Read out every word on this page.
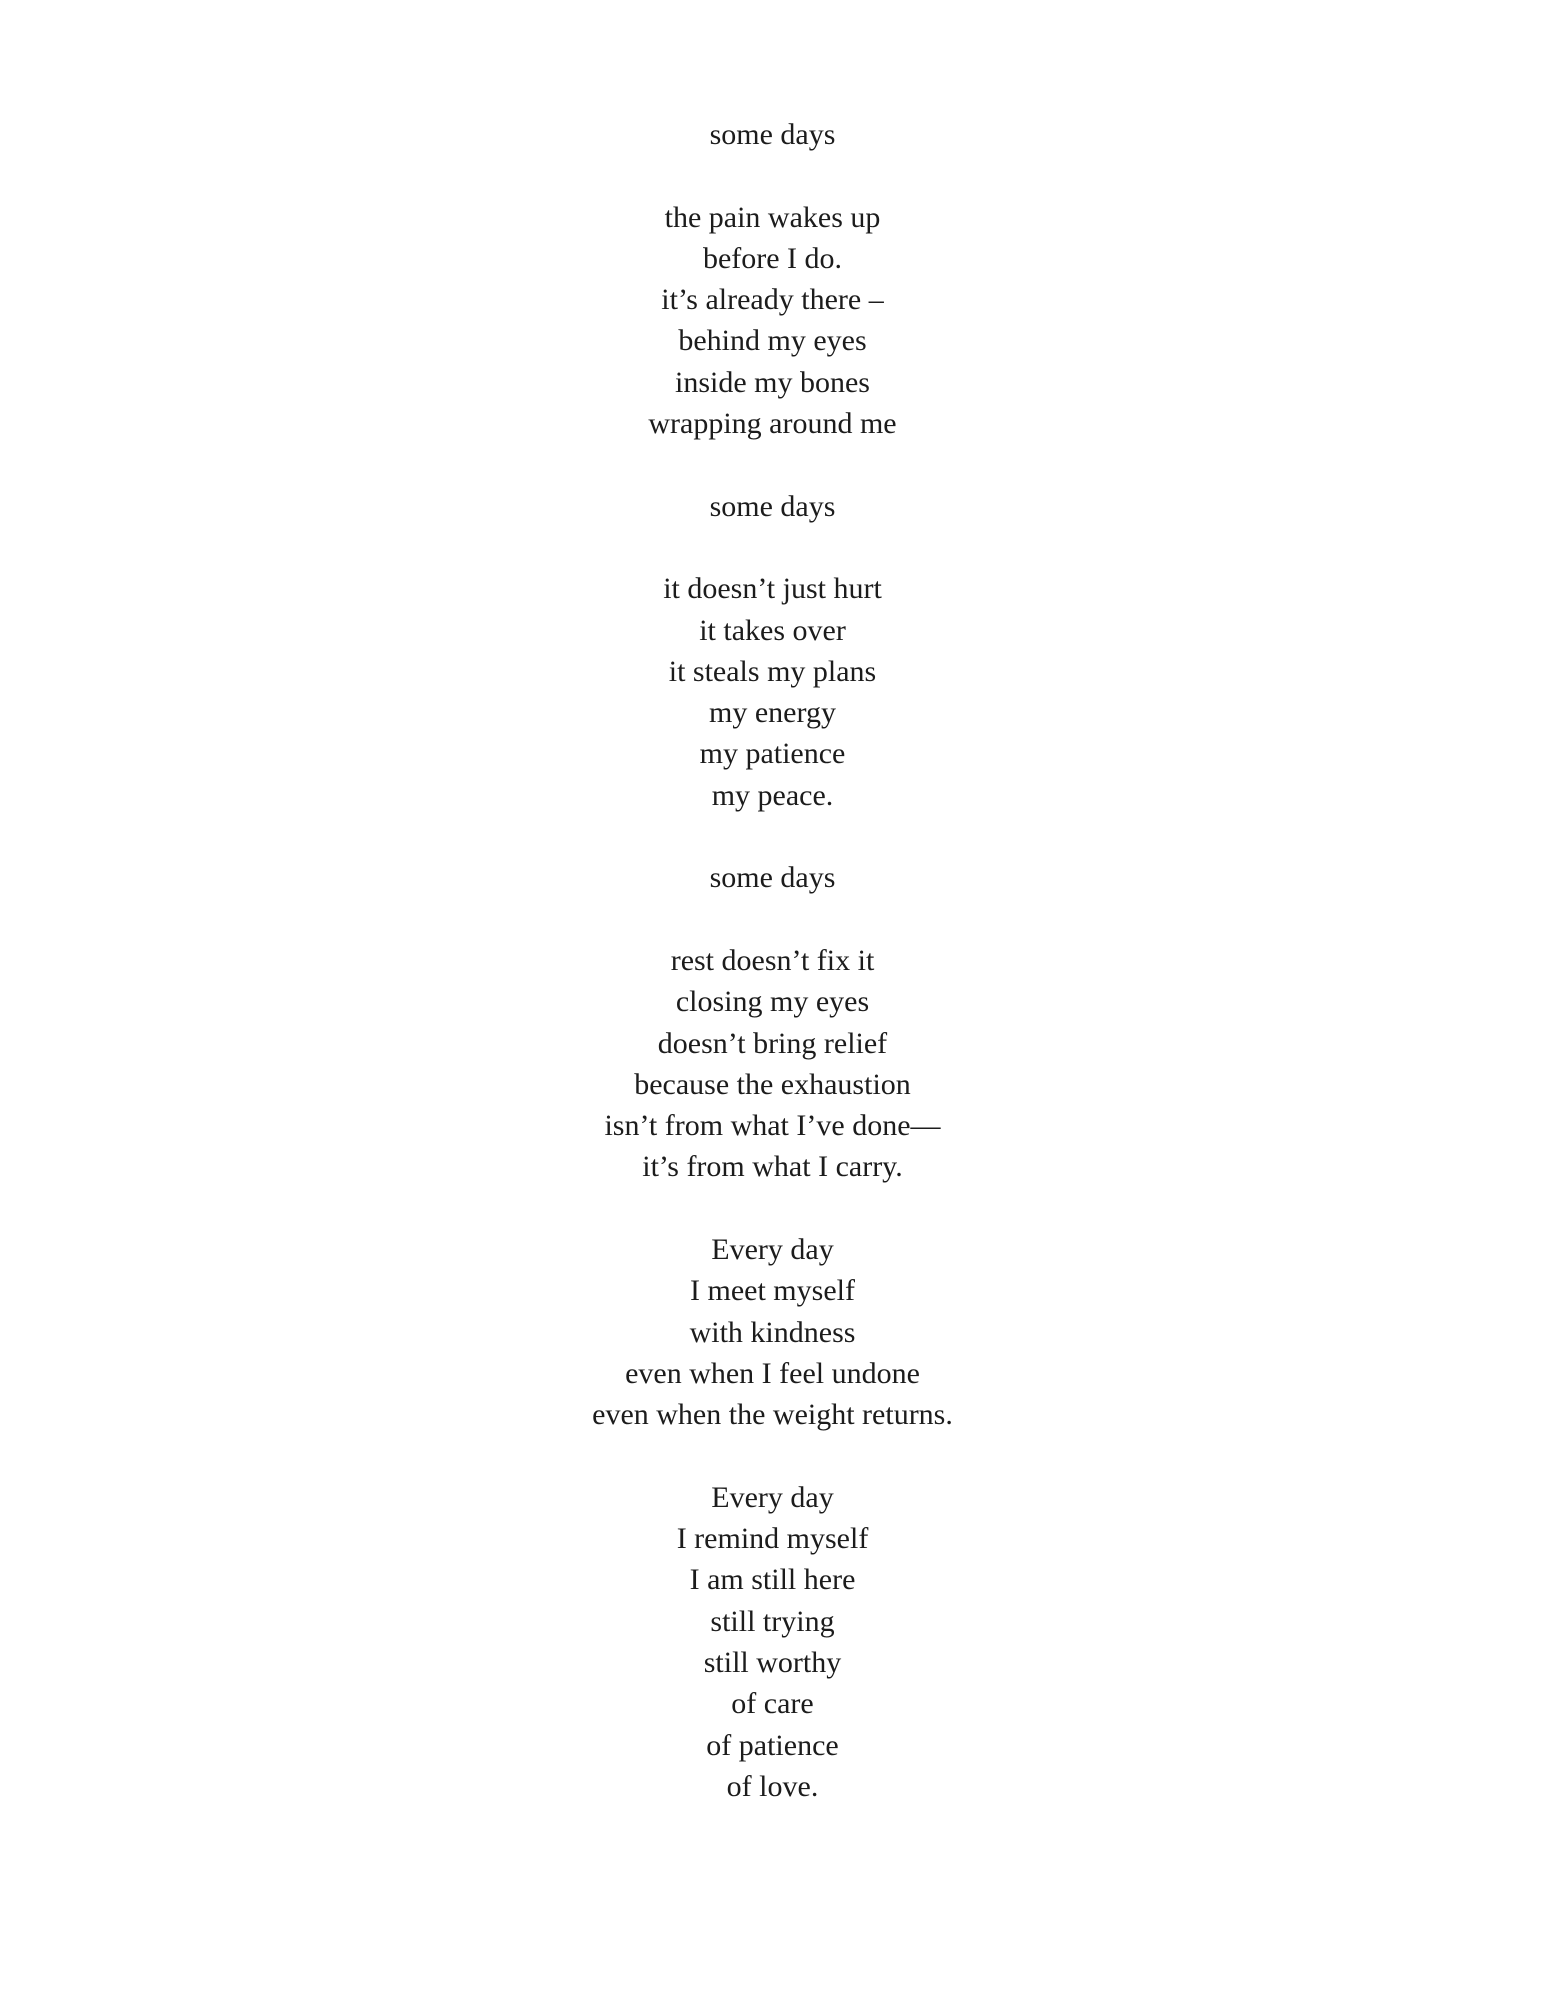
some days
the pain wakes up
before I do.
it’s already there –
behind my eyes
inside my bones
wrapping around me
some days
it doesn’t just hurt
it takes over
it steals my plans
my energy
my patience
my peace.
some days
rest doesn’t fix it
closing my eyes
doesn’t bring relief
because the exhaustion
isn’t from what I’ve done—
it’s from what I carry.
Every day
I meet myself
with kindness
even when I feel undone
even when the weight returns.
Every day
I remind myself
I am still here
still trying
still worthy
of care
of patience
of love.
